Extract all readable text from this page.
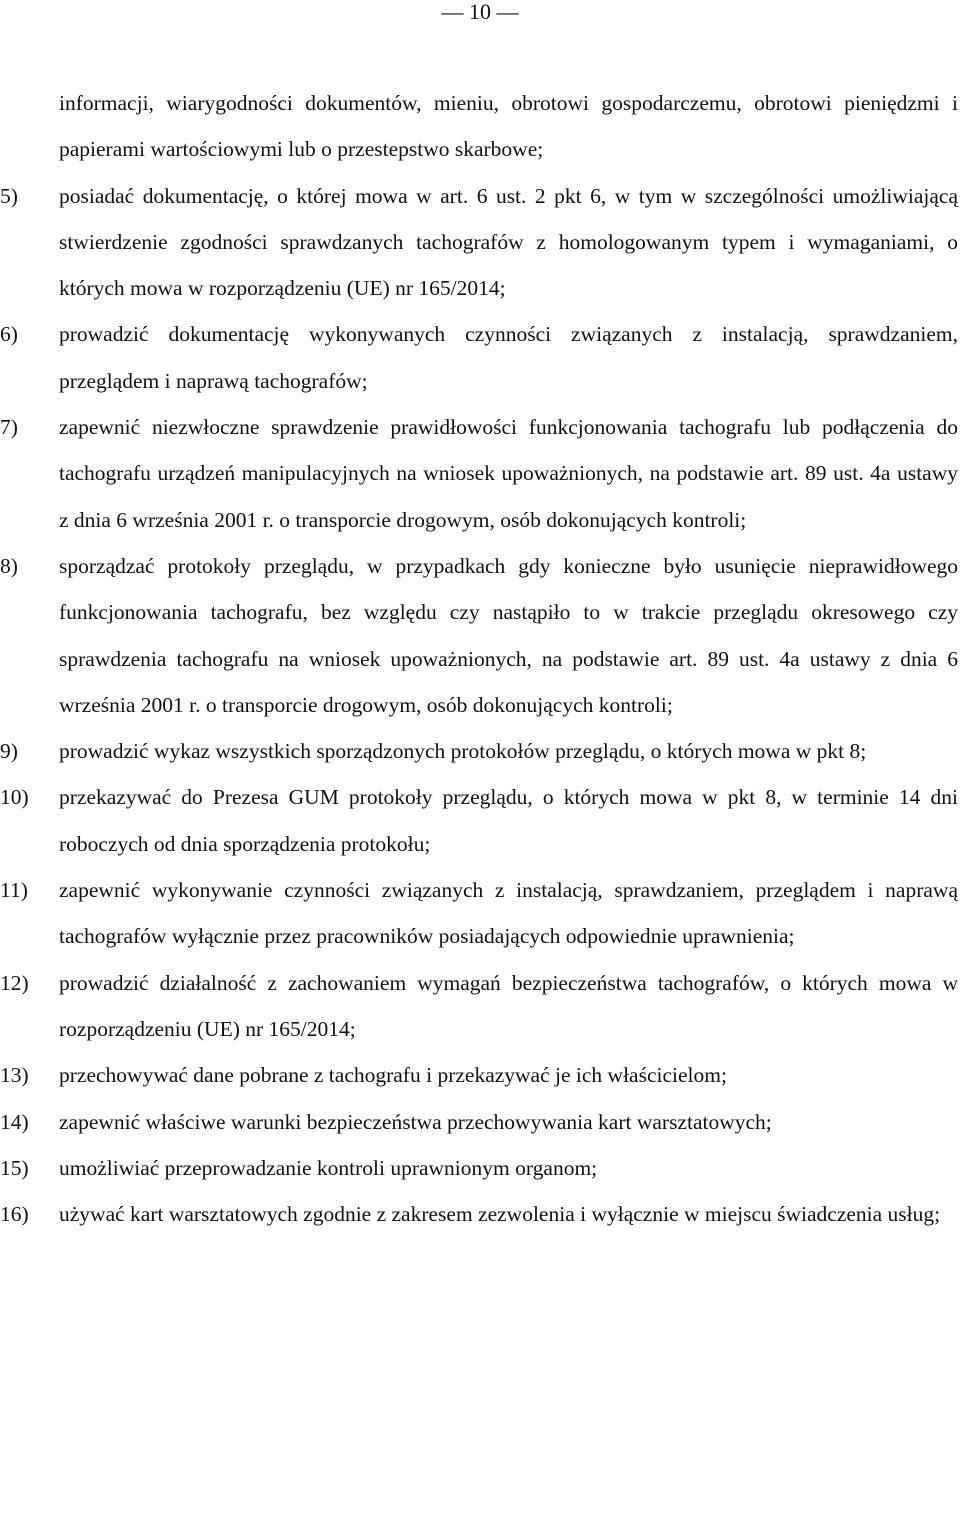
— 10 —
informacji, wiarygodności dokumentów, mieniu, obrotowi gospodarczemu, obrotowi pieniędzmi i papierami wartościowymi lub o przestepstwo skarbowe;
5) posiadać dokumentację, o której mowa w art. 6 ust. 2 pkt 6, w tym w szczególności umożliwiającą stwierdzenie zgodności sprawdzanych tachografów z homologowanym typem i wymaganiami, o których mowa w rozporządzeniu (UE) nr 165/2014;
6) prowadzić dokumentację wykonywanych czynności związanych z instalacją, sprawdzaniem, przeglądem i naprawą tachografów;
7) zapewnić niezwłoczne sprawdzenie prawidłowości funkcjonowania tachografu lub podłączenia do tachografu urządzeń manipulacyjnych na wniosek upoważnionych, na podstawie art. 89 ust. 4a ustawy z dnia 6 września 2001 r. o transporcie drogowym, osób dokonujących kontroli;
8) sporządzać protokoły przeglądu, w przypadkach gdy konieczne było usunięcie nieprawidłowego funkcjonowania tachografu, bez względu czy nastąpiło to w trakcie przeglądu okresowego czy sprawdzenia tachografu na wniosek upoważnionych, na podstawie art. 89 ust. 4a ustawy z dnia 6 września 2001 r. o transporcie drogowym, osób dokonujących kontroli;
9) prowadzić wykaz wszystkich sporządzonych protokołów przeglądu, o których mowa w pkt 8;
10) przekazywać do Prezesa GUM protokoły przeglądu, o których mowa w pkt 8, w terminie 14 dni roboczych od dnia sporządzenia protokołu;
11) zapewnić wykonywanie czynności związanych z instalacją, sprawdzaniem, przeglądem i naprawą tachografów wyłącznie przez pracowników posiadających odpowiednie uprawnienia;
12) prowadzić działalność z zachowaniem wymagań bezpieczeństwa tachografów, o których mowa w rozporządzeniu (UE) nr 165/2014;
13) przechowywać dane pobrane z tachografu i przekazywać je ich właścicielom;
14) zapewnić właściwe warunki bezpieczeństwa przechowywania kart warsztatowych;
15) umożliwiać przeprowadzanie kontroli uprawnionym organom;
16) używać kart warsztatowych zgodnie z zakresem zezwolenia i wyłącznie w miejscu świadczenia usług;
